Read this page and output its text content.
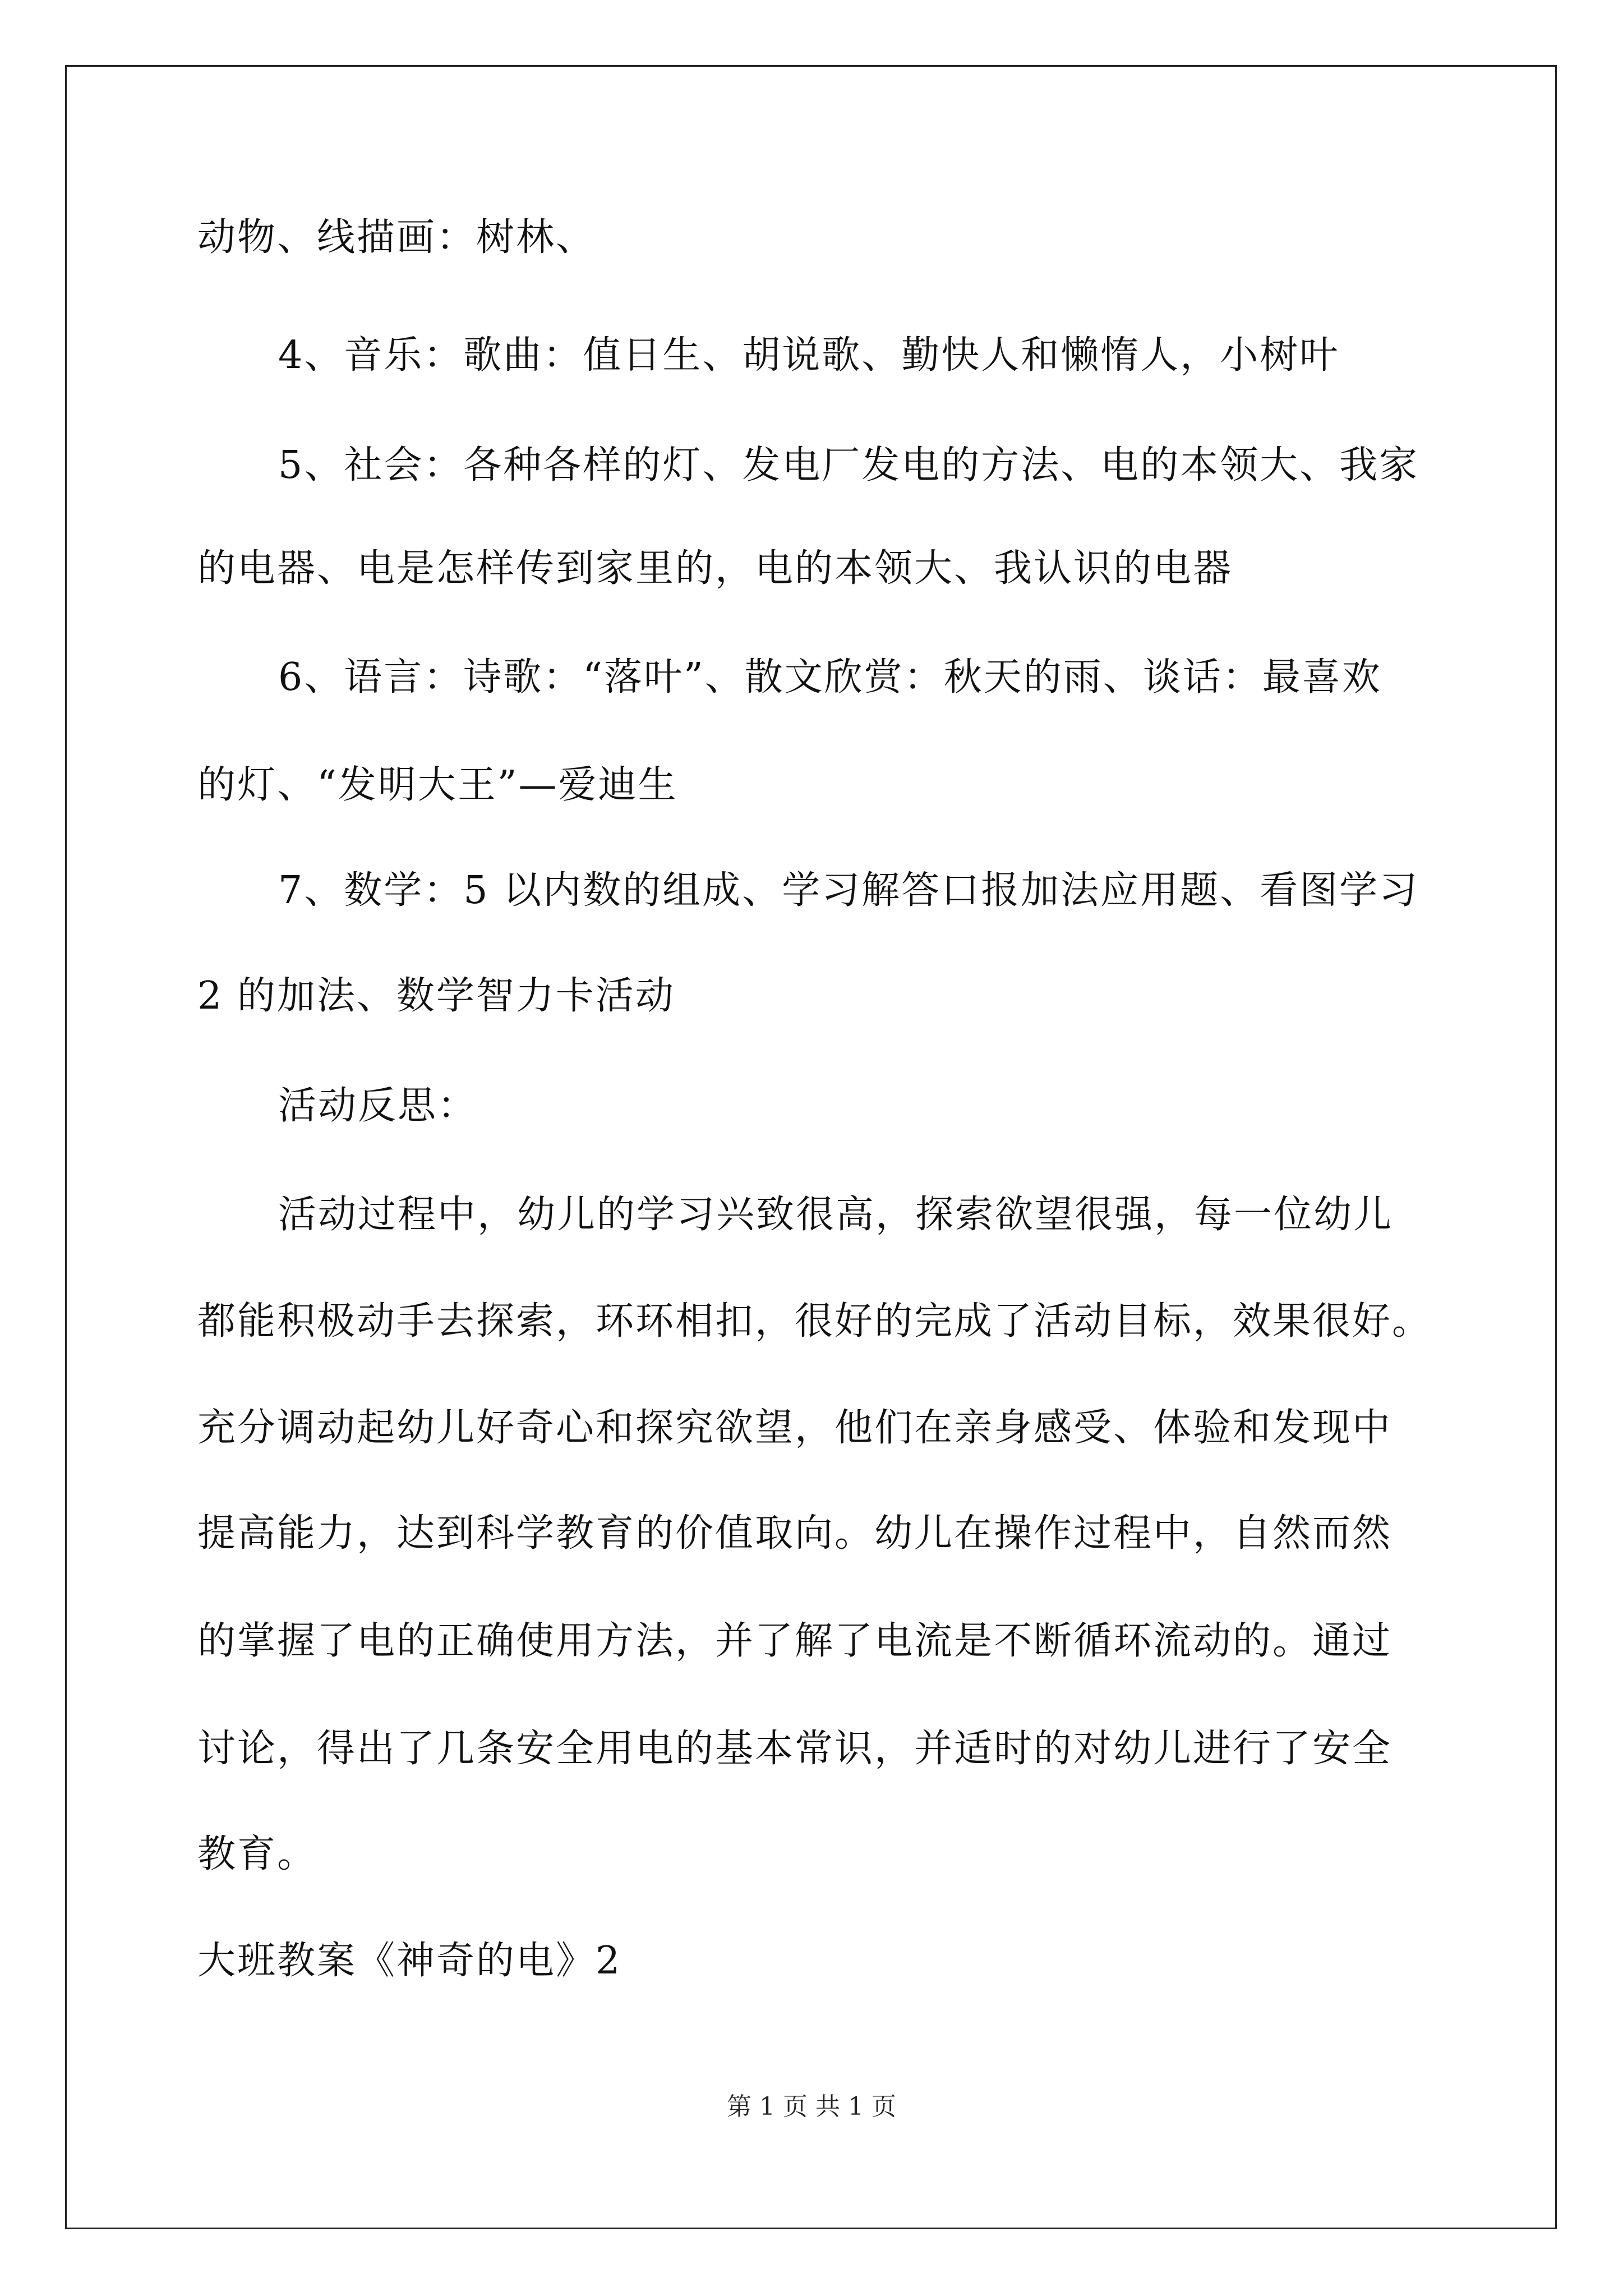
动物、线描画：树林、
4、音乐：歌曲：值日生、胡说歌、勤快人和懒惰人，小树叶
5、社会：各种各样的灯、发电厂发电的方法、电的本领大、我家
的电器、电是怎样传到家里的，电的本领大、我认识的电器
6、语言：诗歌：“落叶”、散文欣赏：秋天的雨、谈话：最喜欢
的灯、“发明大王”—爱迪生
7、数学：5 以内数的组成、学习解答口报加法应用题、看图学习
2 的加法、数学智力卡活动
活动反思：
活动过程中，幼儿的学习兴致很高，探索欲望很强，每一位幼儿
都能积极动手去探索，环环相扣，很好的完成了活动目标，效果很好。
充分调动起幼儿好奇心和探究欲望，他们在亲身感受、体验和发现中
提高能力，达到科学教育的价值取向。幼儿在操作过程中，自然而然
的掌握了电的正确使用方法，并了解了电流是不断循环流动的。通过
讨论，得出了几条安全用电的基本常识，并适时的对幼儿进行了安全
教育。
大班教案《神奇的电》2
第 1 页 共 1 页
